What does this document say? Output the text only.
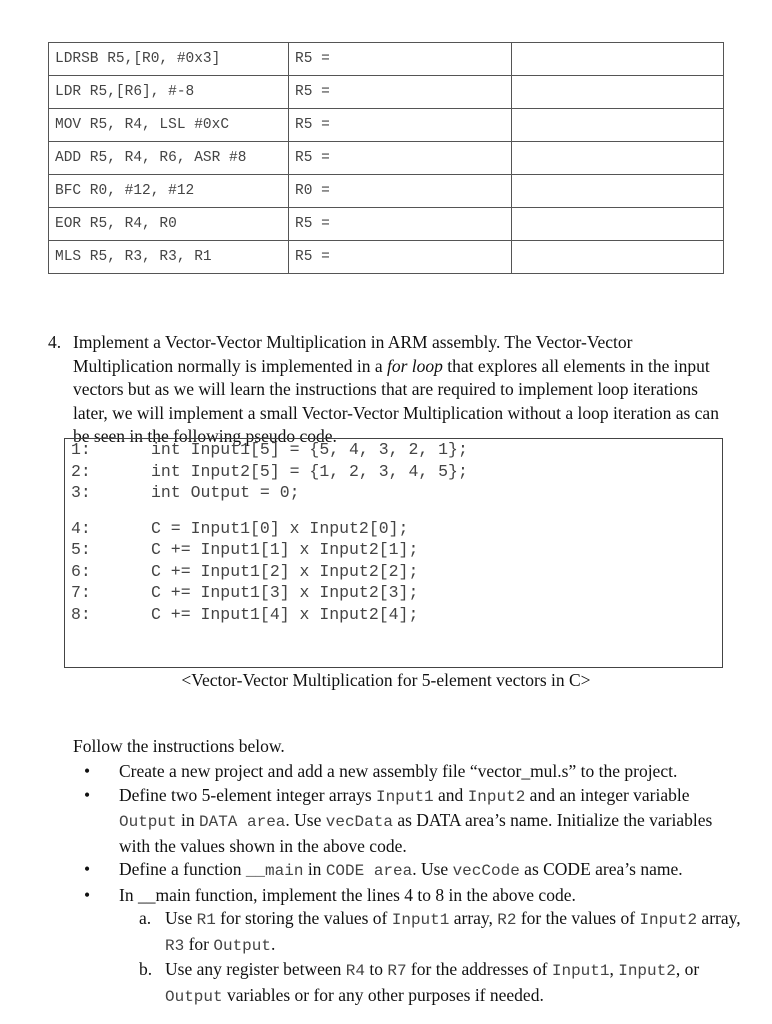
LDRSB R5,[R0, #0x3]	R5 =	
LDR R5,[R6], #-8	R5 =	
MOV R5, R4, LSL #0xC	R5 =	
ADD R5, R4, R6, ASR #8	R5 =	
BFC R0, #12, #12	R0 =	
EOR R5, R4, R0	R5 =	
MLS R5, R3, R3, R1	R5 =	
4. Implement a Vector-Vector Multiplication in ARM assembly. The Vector-Vector Multiplication normally is implemented in a for loop that explores all elements in the input vectors but as we will learn the instructions that are required to implement loop iterations later, we will implement a small Vector-Vector Multiplication without a loop iteration as can be seen in the following pseudo code.
1:	int Input1[5] = {5, 4, 3, 2, 1};
2:	int Input2[5] = {1, 2, 3, 4, 5};
3:	int Output = 0;
4:	C = Input1[0] x Input2[0];
5:	C += Input1[1] x Input2[1];
6:	C += Input1[2] x Input2[2];
7:	C += Input1[3] x Input2[3];
8:	C += Input1[4] x Input2[4];
<Vector-Vector Multiplication for 5-element vectors in C>
Follow the instructions below.
• Create a new project and add a new assembly file “vector_mul.s” to the project.
• Define two 5-element integer arrays Input1 and Input2 and an integer variable Output in DATA area. Use vecData as DATA area’s name. Initialize the variables with the values shown in the above code.
• Define a function __main in CODE area. Use vecCode as CODE area’s name.
• In __main function, implement the lines 4 to 8 in the above code.
a. Use R1 for storing the values of Input1 array, R2 for the values of Input2 array, R3 for Output.
b. Use any register between R4 to R7 for the addresses of Input1, Input2, or Output variables or for any other purposes if needed.
